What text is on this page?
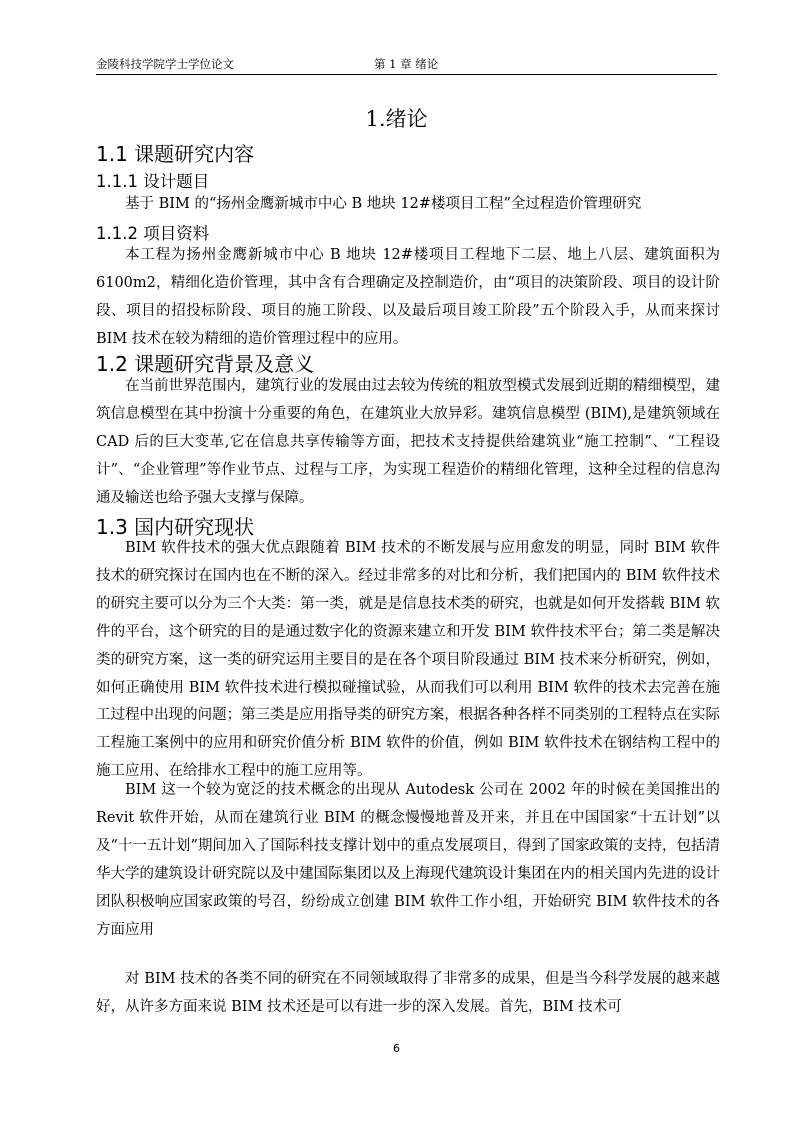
金陵科技学院学士学位论文	第 1 章 绪论
1.绪论
1.1 课题研究内容
1.1.1 设计题目

基于 BIM 的“扬州金鹰新城市中心 B 地块 12#楼项目工程”全过程造价管理研究

1.1.2 项目资料

本工程为扬州金鹰新城市中心 B 地块 12#楼项目工程地下二层、地上八层、建筑面积为 6100m2，精细化造价管理，其中含有合理确定及控制造价，由“项目的决策阶段、项目的设计阶段、项目的招投标阶段、项目的施工阶段、以及最后项目竣工阶段”五个阶段入手，从而来探讨 BIM 技术在较为精细的造价管理过程中的应用。

1.2 课题研究背景及意义

在当前世界范围内，建筑行业的发展由过去较为传统的粗放型模式发展到近期的精细模型，建筑信息模型在其中扮演十分重要的角色，在建筑业大放异彩。建筑信息模型 (BIM),是建筑领域在 CAD 后的巨大变革,它在信息共享传输等方面，把技术支持提供给建筑业“施工控制”、“工程设计”、“企业管理”等作业节点、过程与工序，为实现工程造价的精细化管理，这种全过程的信息沟通及输送也给予强大支撑与保障。

1.3 国内研究现状

BIM 软件技术的强大优点跟随着 BIM 技术的不断发展与应用愈发的明显，同时 BIM 软件技术的研究探讨在国内也在不断的深入。经过非常多的对比和分析，我们把国内的 BIM 软件技术的研究主要可以分为三个大类：第一类，就是是信息技术类的研究，也就是如何开发搭载 BIM 软件的平台，这个研究的目的是通过数字化的资源来建立和开发 BIM 软件技术平台；第二类是解决类的研究方案，这一类的研究运用主要目的是在各个项目阶段通过 BIM 技术来分析研究，例如，如何正确使用 BIM 软件技术进行模拟碰撞试验，从而我们可以利用 BIM 软件的技术去完善在施工过程中出现的问题；第三类是应用指导类的研究方案，根据各种各样不同类别的工程特点在实际工程施工案例中的应用和研究价值分析 BIM 软件的价值，例如 BIM 软件技术在钢结构工程中的施工应用、在给排水工程中的施工应用等。

BIM 这一个较为宽泛的技术概念的出现从 Autodesk 公司在 2002 年的时候在美国推出的 Revit 软件开始，从而在建筑行业 BIM 的概念慢慢地普及开来，并且在中国国家“十五计划”以及“十一五计划”期间加入了国际科技支撑计划中的重点发展项目，得到了国家政策的支持，包括清华大学的建筑设计研究院以及中建国际集团以及上海现代建筑设计集团在内的相关国内先进的设计团队积极响应国家政策的号召，纷纷成立创建 BIM 软件工作小组，开始研究 BIM 软件技术的各方面应用

对 BIM 技术的各类不同的研究在不同领域取得了非常多的成果，但是当今科学发展的越来越好，从许多方面来说 BIM 技术还是可以有进一步的深入发展。首先，BIM 技术可

6
